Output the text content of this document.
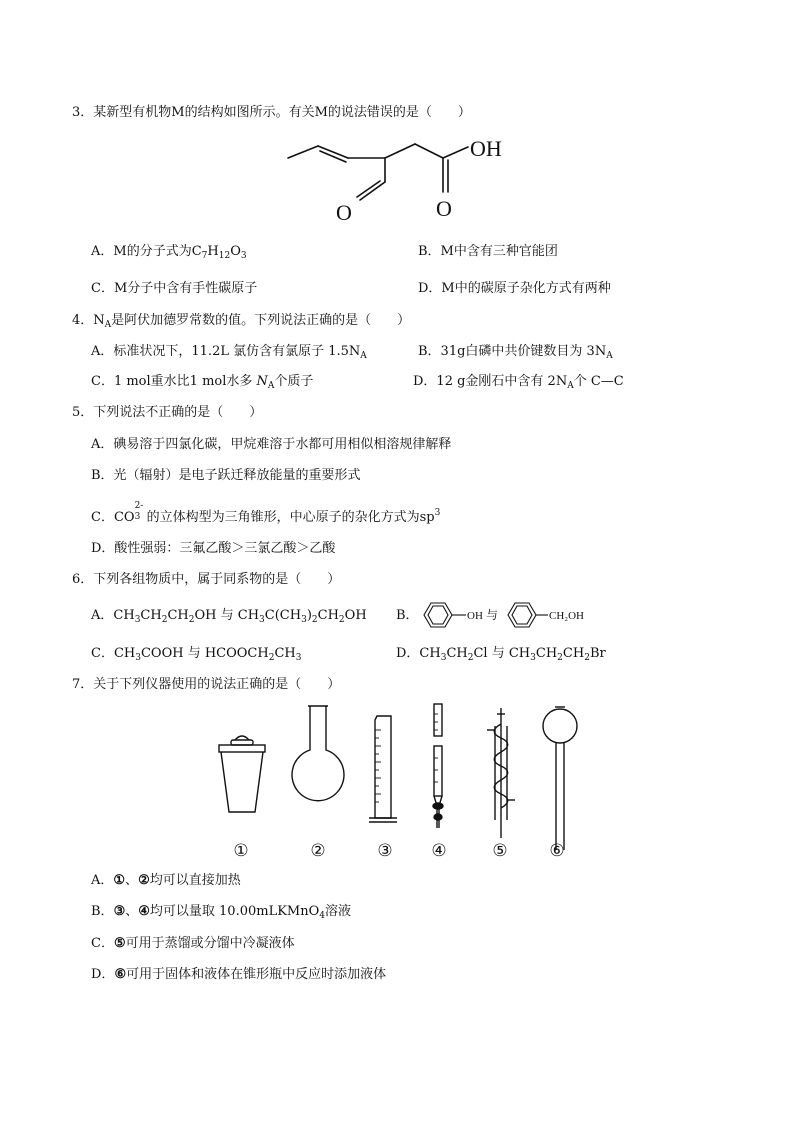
3．某新型有机物M的结构如图所示。有关M的说法错误的是（　　）
OH
O
O
A．M的分子式为$C_7H_{12}O_3$	B．M中含有三种官能团
C．M分子中含有手性碳原子	D．M中的碳原子杂化方式有两种
4．$N_A$是阿伏加德罗常数的值。下列说法正确的是（　　）
A．标准状况下，11.2L 氯仿含有氯原子 $1.5N_A$	B．31g白磷中共价键数目为 $3N_A$
C．1 mol重水比1 mol水多 $N_A$个质子	D．12 g金刚石中含有 $2N_A$个 C—C
5．下列说法不正确的是（　　）
A．碘易溶于四氯化碳，甲烷难溶于水都可用相似相溶规律解释
B．光（辐射）是电子跃迁释放能量的重要形式
C．CO
2-
3 的立体构型为三角锥形，中心原子的杂化方式为$sp^3$
D．酸性强弱：三氟乙酸＞三氯乙酸＞乙酸
6．下列各组物质中，属于同系物的是（　　）
A．$CH_3CH_2CH_2OH$ 与 $CH_3C(CH_3)_2CH_2OH$ B．	OH 与	CH₂OH
C．$CH_3COOH$ 与 $HCOOCH_2CH_3$	D．$CH_3CH_2Cl$ 与 $CH_3CH_2CH_2Br$
7．关于下列仪器使用的说法正确的是（　　）
①	②	③ ④	⑤ ⑥
A．①、②均可以直接加热
B．③、④均可以量取 10.00mLKMnO$_4$溶液
C．⑤可用于蒸馏或分馏中冷凝液体
D．⑥可用于固体和液体在锥形瓶中反应时添加液体
